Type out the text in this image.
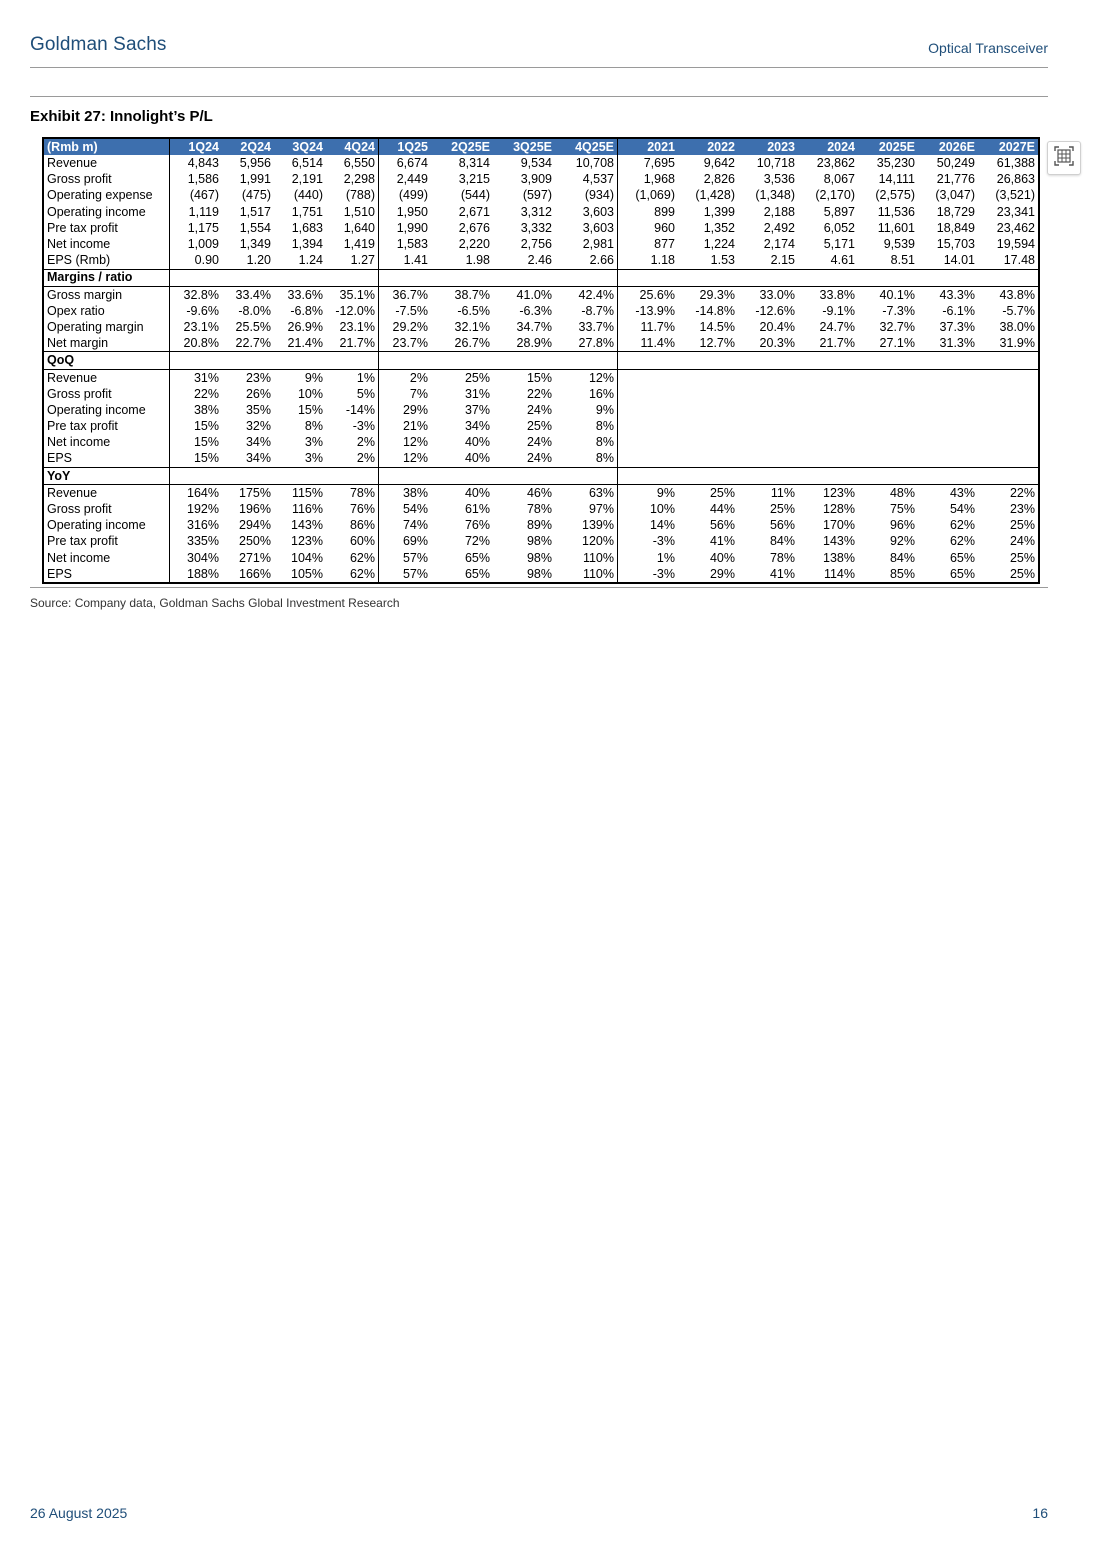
Goldman Sachs	Optical Transceiver
Exhibit 27: Innolight’s P/L
(Rmb m)	1Q24	2Q24	3Q24	4Q24	1Q25	2Q25E	3Q25E	4Q25E	2021	2022	2023	2024	2025E	2026E	2027E
Revenue	4,843	5,956	6,514	6,550	6,674	8,314	9,534	10,708	7,695	9,642	10,718	23,862	35,230	50,249	61,388
Gross profit	1,586	1,991	2,191	2,298	2,449	3,215	3,909	4,537	1,968	2,826	3,536	8,067	14,111	21,776	26,863
Operating expense	(467)	(475)	(440)	(788)	(499)	(544)	(597)	(934)	(1,069)	(1,428)	(1,348)	(2,170)	(2,575)	(3,047)	(3,521)
Operating income	1,119	1,517	1,751	1,510	1,950	2,671	3,312	3,603	899	1,399	2,188	5,897	11,536	18,729	23,341
Pre tax profit	1,175	1,554	1,683	1,640	1,990	2,676	3,332	3,603	960	1,352	2,492	6,052	11,601	18,849	23,462
Net income	1,009	1,349	1,394	1,419	1,583	2,220	2,756	2,981	877	1,224	2,174	5,171	9,539	15,703	19,594
EPS (Rmb)	0.90	1.20	1.24	1.27	1.41	1.98	2.46	2.66	1.18	1.53	2.15	4.61	8.51	14.01	17.48
Margins / ratio															
Gross margin	32.8%	33.4%	33.6%	35.1%	36.7%	38.7%	41.0%	42.4%	25.6%	29.3%	33.0%	33.8%	40.1%	43.3%	43.8%
Opex ratio	-9.6%	-8.0%	-6.8%	-12.0%	-7.5%	-6.5%	-6.3%	-8.7%	-13.9%	-14.8%	-12.6%	-9.1%	-7.3%	-6.1%	-5.7%
Operating margin	23.1%	25.5%	26.9%	23.1%	29.2%	32.1%	34.7%	33.7%	11.7%	14.5%	20.4%	24.7%	32.7%	37.3%	38.0%
Net margin	20.8%	22.7%	21.4%	21.7%	23.7%	26.7%	28.9%	27.8%	11.4%	12.7%	20.3%	21.7%	27.1%	31.3%	31.9%
QoQ															
Revenue	31%	23%	9%	1%	2%	25%	15%	12%							
Gross profit	22%	26%	10%	5%	7%	31%	22%	16%							
Operating income	38%	35%	15%	-14%	29%	37%	24%	9%							
Pre tax profit	15%	32%	8%	-3%	21%	34%	25%	8%							
Net income	15%	34%	3%	2%	12%	40%	24%	8%							
EPS	15%	34%	3%	2%	12%	40%	24%	8%							
YoY															
Revenue	164%	175%	115%	78%	38%	40%	46%	63%	9%	25%	11%	123%	48%	43%	22%
Gross profit	192%	196%	116%	76%	54%	61%	78%	97%	10%	44%	25%	128%	75%	54%	23%
Operating income	316%	294%	143%	86%	74%	76%	89%	139%	14%	56%	56%	170%	96%	62%	25%
Pre tax profit	335%	250%	123%	60%	69%	72%	98%	120%	-3%	41%	84%	143%	92%	62%	24%
Net income	304%	271%	104%	62%	57%	65%	98%	110%	1%	40%	78%	138%	84%	65%	25%
EPS	188%	166%	105%	62%	57%	65%	98%	110%	-3%	29%	41%	114%	85%	65%	25%
Source: Company data, Goldman Sachs Global Investment Research
26 August 2025	16
